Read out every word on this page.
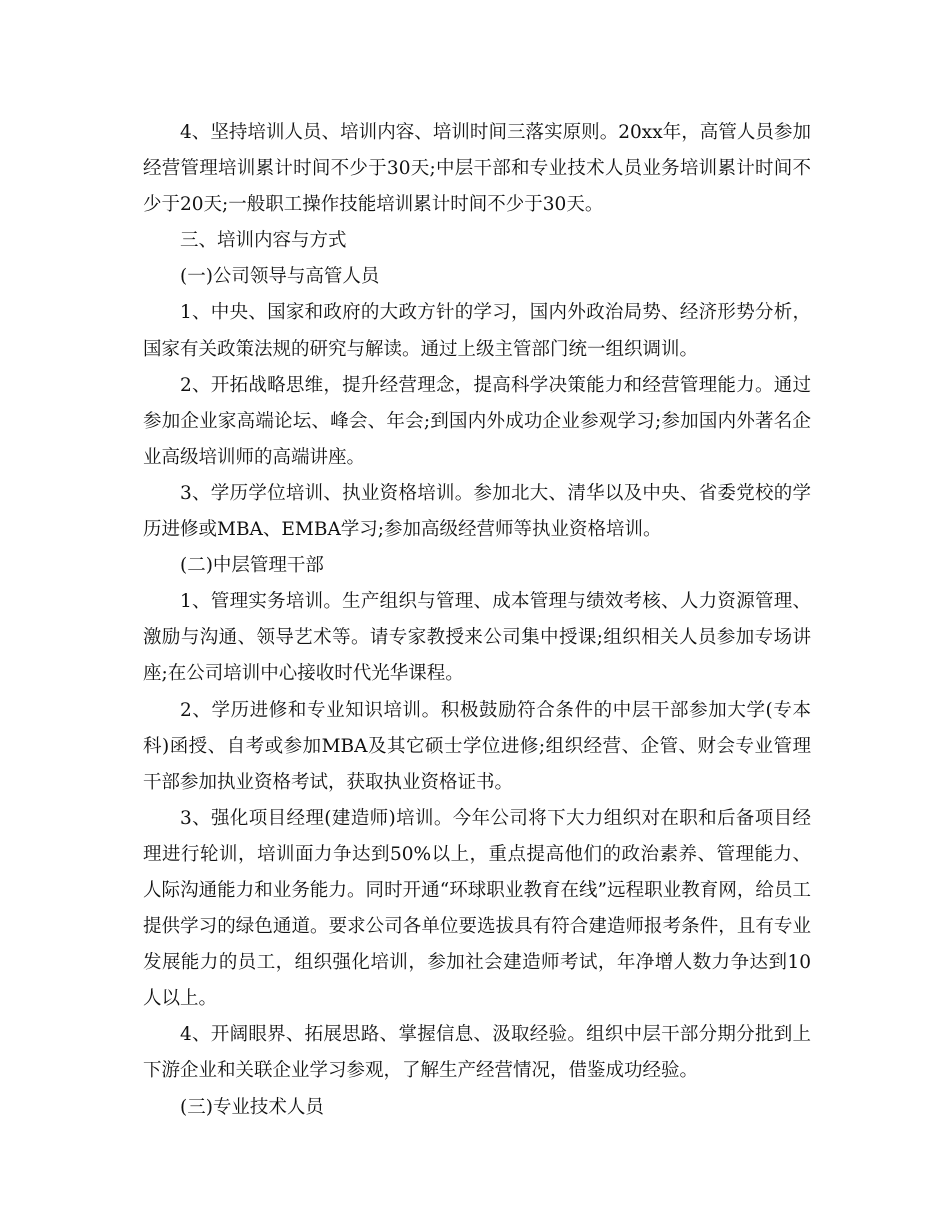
4、坚持培训人员、培训内容、培训时间三落实原则。20xx年，高管人员参加经营管理培训累计时间不少于30天;中层干部和专业技术人员业务培训累计时间不少于20天;一般职工操作技能培训累计时间不少于30天。

三、培训内容与方式

(一)公司领导与高管人员

1、中央、国家和政府的大政方针的学习，国内外政治局势、经济形势分析，国家有关政策法规的研究与解读。通过上级主管部门统一组织调训。

2、开拓战略思维，提升经营理念，提高科学决策能力和经营管理能力。通过参加企业家高端论坛、峰会、年会;到国内外成功企业参观学习;参加国内外著名企业高级培训师的高端讲座。

3、学历学位培训、执业资格培训。参加北大、清华以及中央、省委党校的学历进修或MBA、EMBA学习;参加高级经营师等执业资格培训。

(二)中层管理干部

1、管理实务培训。生产组织与管理、成本管理与绩效考核、人力资源管理、激励与沟通、领导艺术等。请专家教授来公司集中授课;组织相关人员参加专场讲座;在公司培训中心接收时代光华课程。

2、学历进修和专业知识培训。积极鼓励符合条件的中层干部参加大学(专本科)函授、自考或参加MBA及其它硕士学位进修;组织经营、企管、财会专业管理干部参加执业资格考试，获取执业资格证书。

3、强化项目经理(建造师)培训。今年公司将下大力组织对在职和后备项目经理进行轮训，培训面力争达到50%以上，重点提高他们的政治素养、管理能力、人际沟通能力和业务能力。同时开通“环球职业教育在线”远程职业教育网，给员工提供学习的绿色通道。要求公司各单位要选拔具有符合建造师报考条件，且有专业发展能力的员工，组织强化培训，参加社会建造师考试，年净增人数力争达到10人以上。

4、开阔眼界、拓展思路、掌握信息、汲取经验。组织中层干部分期分批到上下游企业和关联企业学习参观，了解生产经营情况，借鉴成功经验。

(三)专业技术人员
